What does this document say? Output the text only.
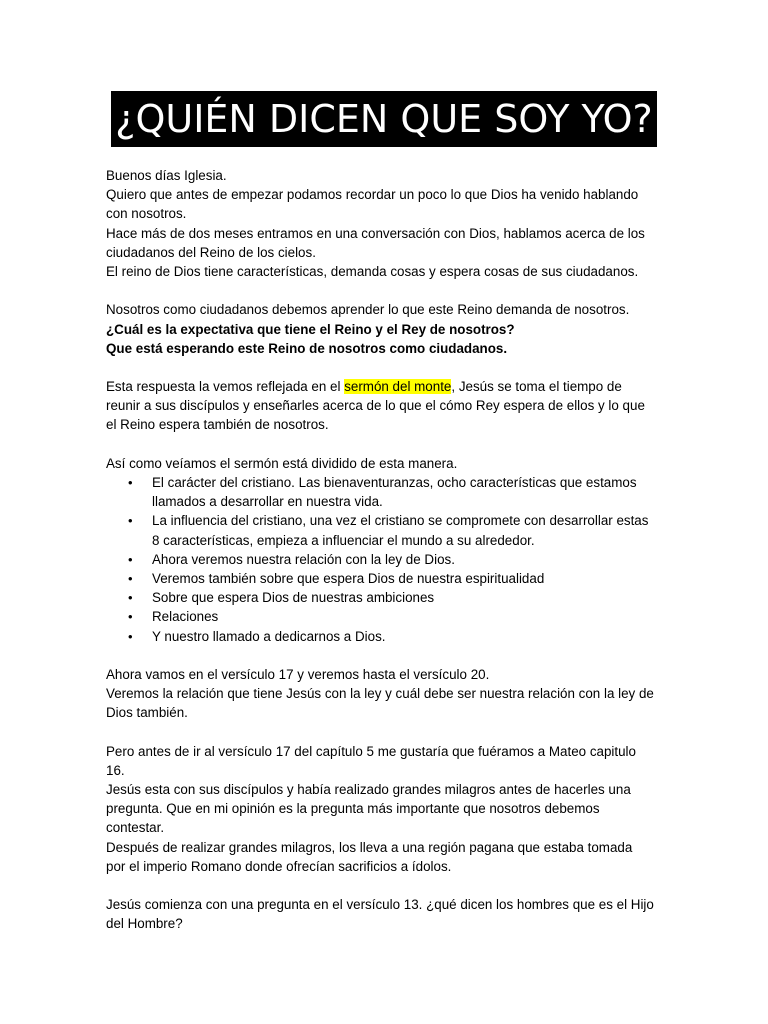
¿QUIÉN DICEN QUE SOY YO?
Buenos días Iglesia.
Quiero que antes de empezar podamos recordar un poco lo que Dios ha venido hablando
con nosotros.
Hace más de dos meses entramos en una conversación con Dios, hablamos acerca de los
ciudadanos del Reino de los cielos.
El reino de Dios tiene características, demanda cosas y espera cosas de sus ciudadanos.
Nosotros como ciudadanos debemos aprender lo que este Reino demanda de nosotros.
¿Cuál es la expectativa que tiene el Reino y el Rey de nosotros?
Que está esperando este Reino de nosotros como ciudadanos.
Esta respuesta la vemos reflejada en el sermón del monte, Jesús se toma el tiempo de
reunir a sus discípulos y enseñarles acerca de lo que el cómo Rey espera de ellos y lo que
el Reino espera también de nosotros.
Así como veíamos el sermón está dividido de esta manera.
• El carácter del cristiano. Las bienaventuranzas, ocho características que estamos
llamados a desarrollar en nuestra vida.
• La influencia del cristiano, una vez el cristiano se compromete con desarrollar estas
8 características, empieza a influenciar el mundo a su alrededor.
• Ahora veremos nuestra relación con la ley de Dios.
• Veremos también sobre que espera Dios de nuestra espiritualidad
• Sobre que espera Dios de nuestras ambiciones
• Relaciones
• Y nuestro llamado a dedicarnos a Dios.
Ahora vamos en el versículo 17 y veremos hasta el versículo 20.
Veremos la relación que tiene Jesús con la ley y cuál debe ser nuestra relación con la ley de
Dios también.
Pero antes de ir al versículo 17 del capítulo 5 me gustaría que fuéramos a Mateo capitulo
16.
Jesús esta con sus discípulos y había realizado grandes milagros antes de hacerles una
pregunta. Que en mi opinión es la pregunta más importante que nosotros debemos
contestar.
Después de realizar grandes milagros, los lleva a una región pagana que estaba tomada
por el imperio Romano donde ofrecían sacrificios a ídolos.
Jesús comienza con una pregunta en el versículo 13. ¿qué dicen los hombres que es el Hijo
del Hombre?
